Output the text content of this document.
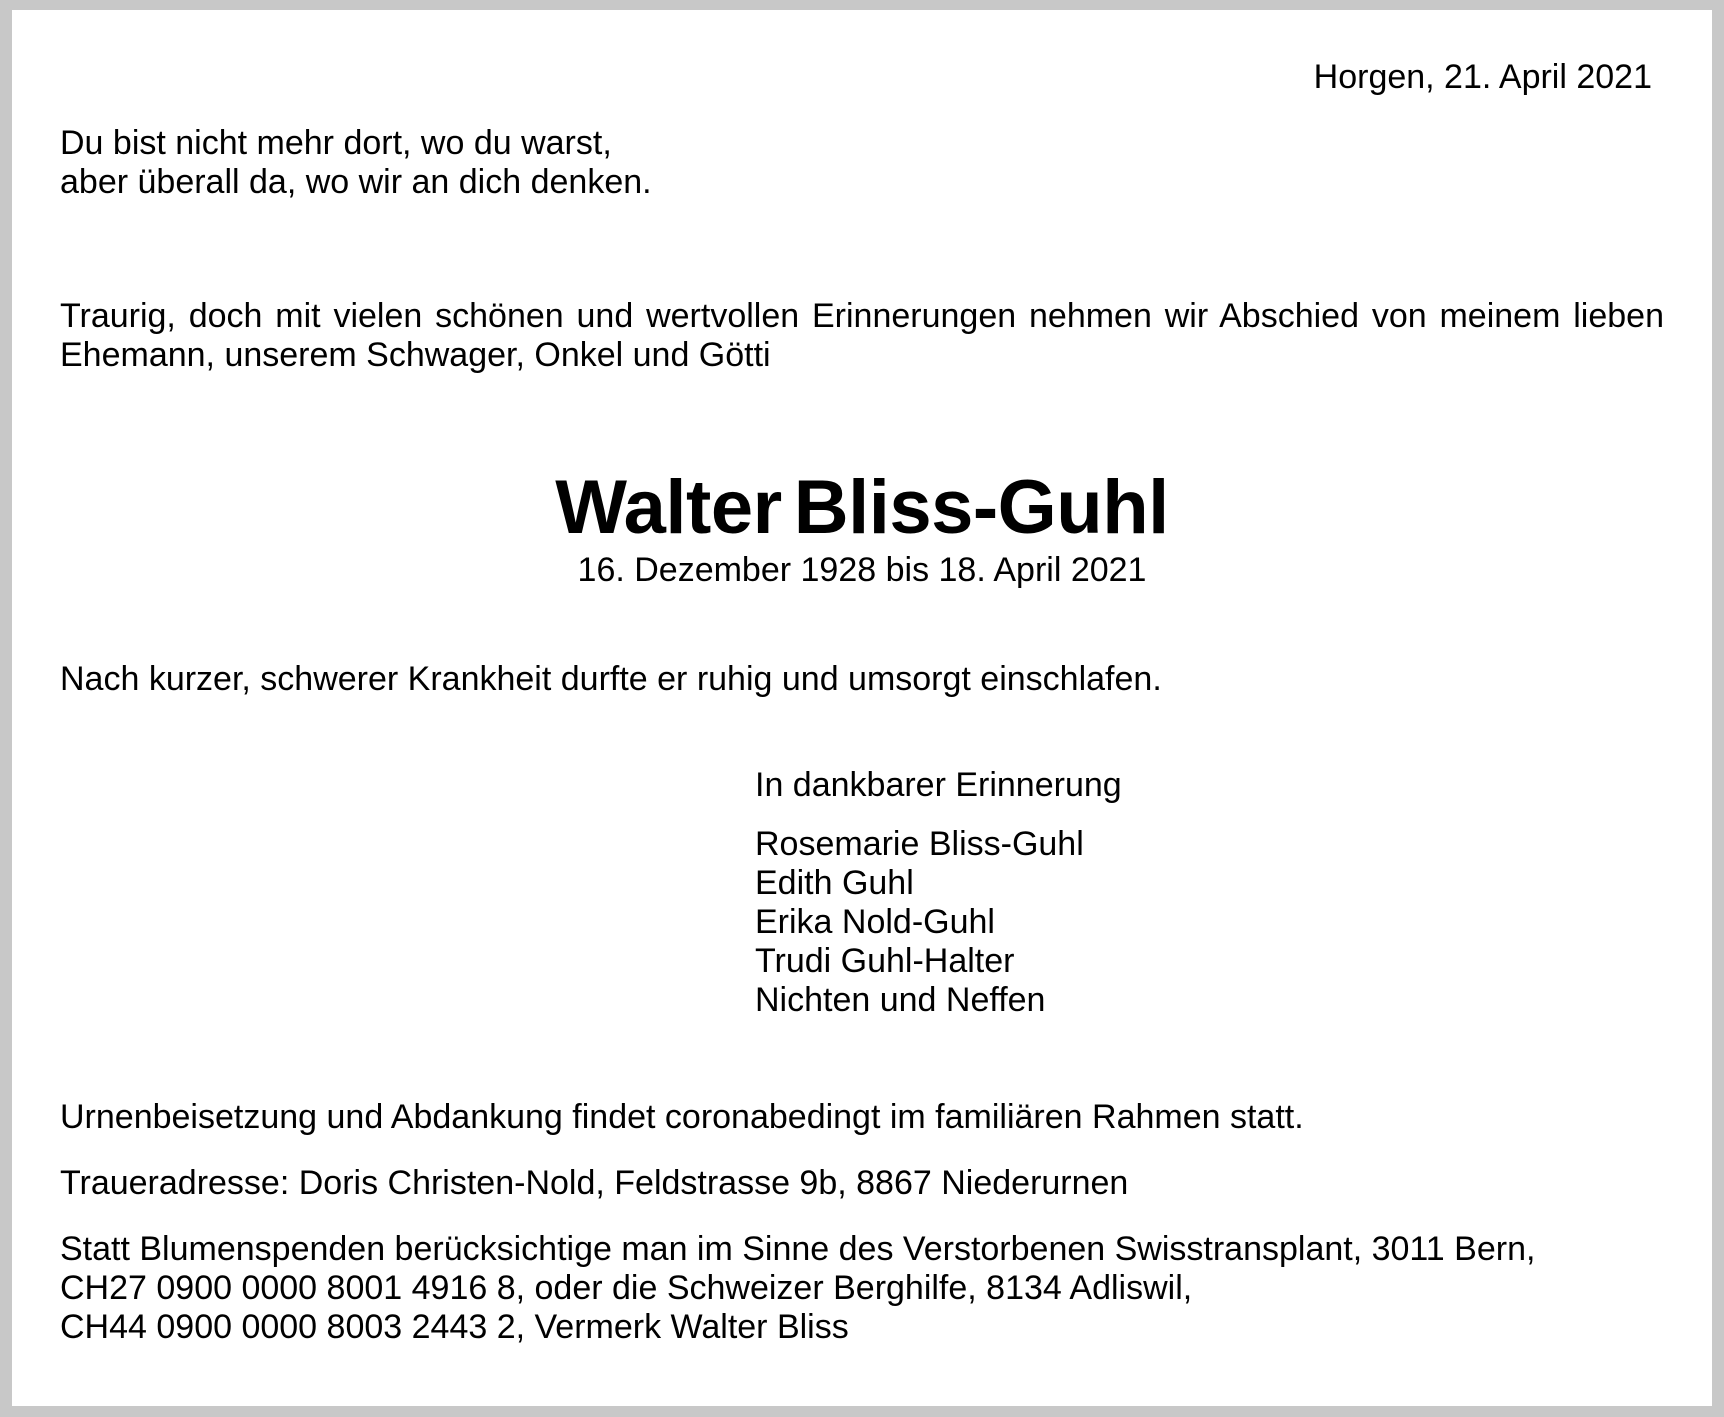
Horgen, 21. April 2021
Du bist nicht mehr dort, wo du warst,
aber überall da, wo wir an dich denken.
Traurig, doch mit vielen schönen und wertvollen Erinnerungen nehmen wir Abschied von meinem lieben Ehemann, unserem Schwager, Onkel und Götti
Walter Bliss-Guhl
16. Dezember 1928 bis 18. April 2021
Nach kurzer, schwerer Krankheit durfte er ruhig und umsorgt einschlafen.
In dankbarer Erinnerung
Rosemarie Bliss-Guhl
Edith Guhl
Erika Nold-Guhl
Trudi Guhl-Halter
Nichten und Neffen
Urnenbeisetzung und Abdankung findet coronabedingt im familiären Rahmen statt.
Traueradresse: Doris Christen-Nold, Feldstrasse 9b, 8867 Niederurnen
Statt Blumenspenden berücksichtige man im Sinne des Verstorbenen Swisstransplant, 3011 Bern,
CH27 0900 0000 8001 4916 8, oder die Schweizer Berghilfe, 8134 Adliswil,
CH44 0900 0000 8003 2443 2, Vermerk Walter Bliss
